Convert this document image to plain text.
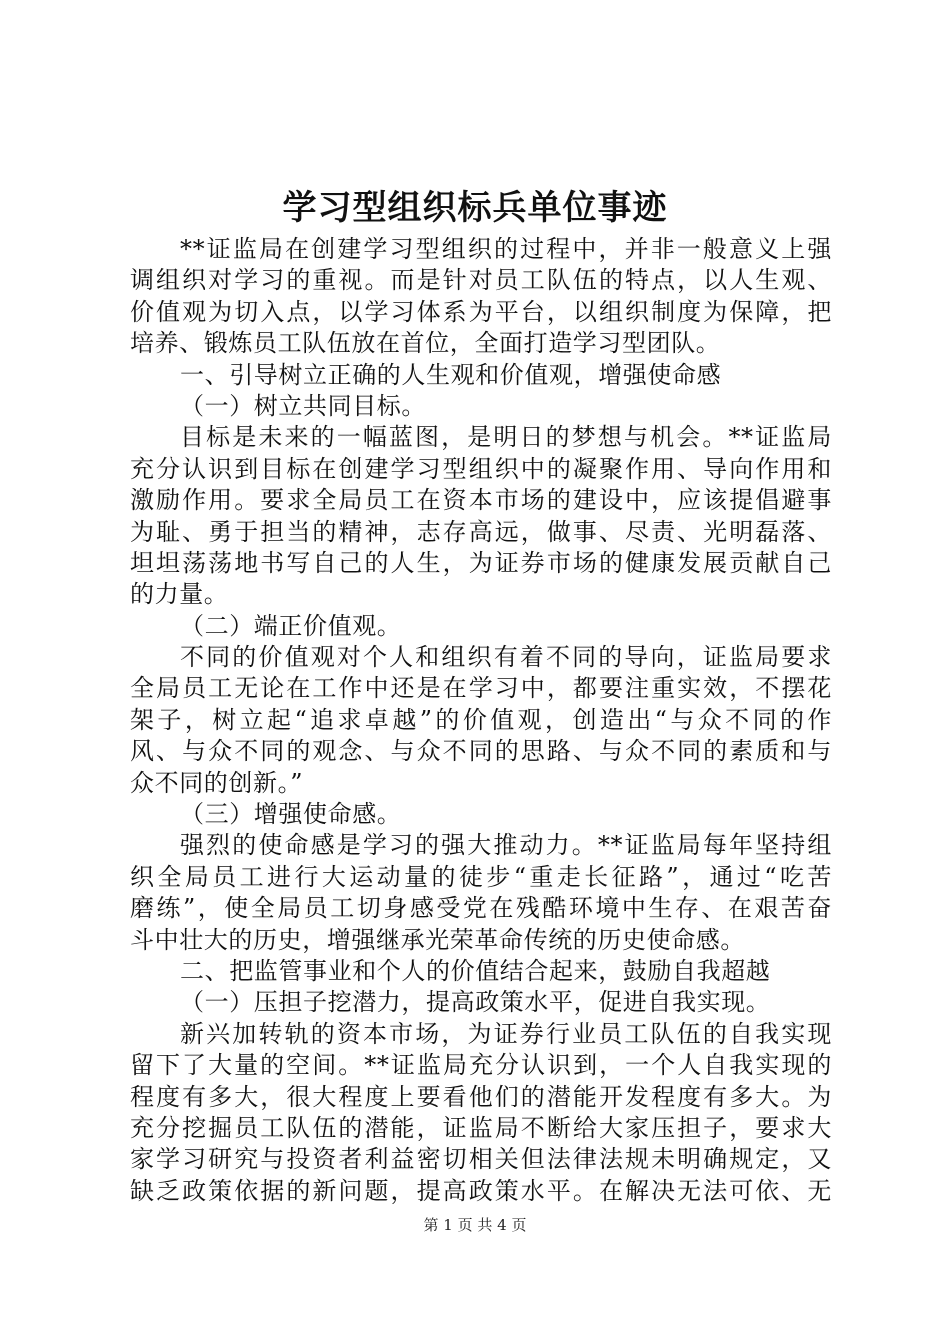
学习型组织标兵单位事迹
**证监局在创建学习型组织的过程中，并非一般意义上强
调组织对学习的重视。而是针对员工队伍的特点，以人生观、
价值观为切入点，以学习体系为平台，以组织制度为保障，把
培养、锻炼员工队伍放在首位，全面打造学习型团队。
一、引导树立正确的人生观和价值观，增强使命感
（一）树立共同目标。
目标是未来的一幅蓝图，是明日的梦想与机会。**证监局
充分认识到目标在创建学习型组织中的凝聚作用、导向作用和
激励作用。要求全局员工在资本市场的建设中，应该提倡避事
为耻、勇于担当的精神，志存高远，做事、尽责、光明磊落、
坦坦荡荡地书写自己的人生，为证券市场的健康发展贡献自己
的力量。
（二）端正价值观。
不同的价值观对个人和组织有着不同的导向，证监局要求
全局员工无论在工作中还是在学习中，都要注重实效，不摆花
架子，树立起“追求卓越”的价值观，创造出“与众不同的作
风、与众不同的观念、与众不同的思路、与众不同的素质和与
众不同的创新。”
（三）增强使命感。
强烈的使命感是学习的强大推动力。**证监局每年坚持组
织全局员工进行大运动量的徒步“重走长征路”，通过“吃苦
磨练”，使全局员工切身感受党在残酷环境中生存、在艰苦奋
斗中壮大的历史，增强继承光荣革命传统的历史使命感。
二、把监管事业和个人的价值结合起来，鼓励自我超越
（一）压担子挖潜力，提高政策水平，促进自我实现。
新兴加转轨的资本市场，为证券行业员工队伍的自我实现
留下了大量的空间。**证监局充分认识到，一个人自我实现的
程度有多大，很大程度上要看他们的潜能开发程度有多大。为
充分挖掘员工队伍的潜能，证监局不断给大家压担子，要求大
家学习研究与投资者利益密切相关但法律法规未明确规定，又
缺乏政策依据的新问题，提高政策水平。在解决无法可依、无
第 1 页 共 4 页
